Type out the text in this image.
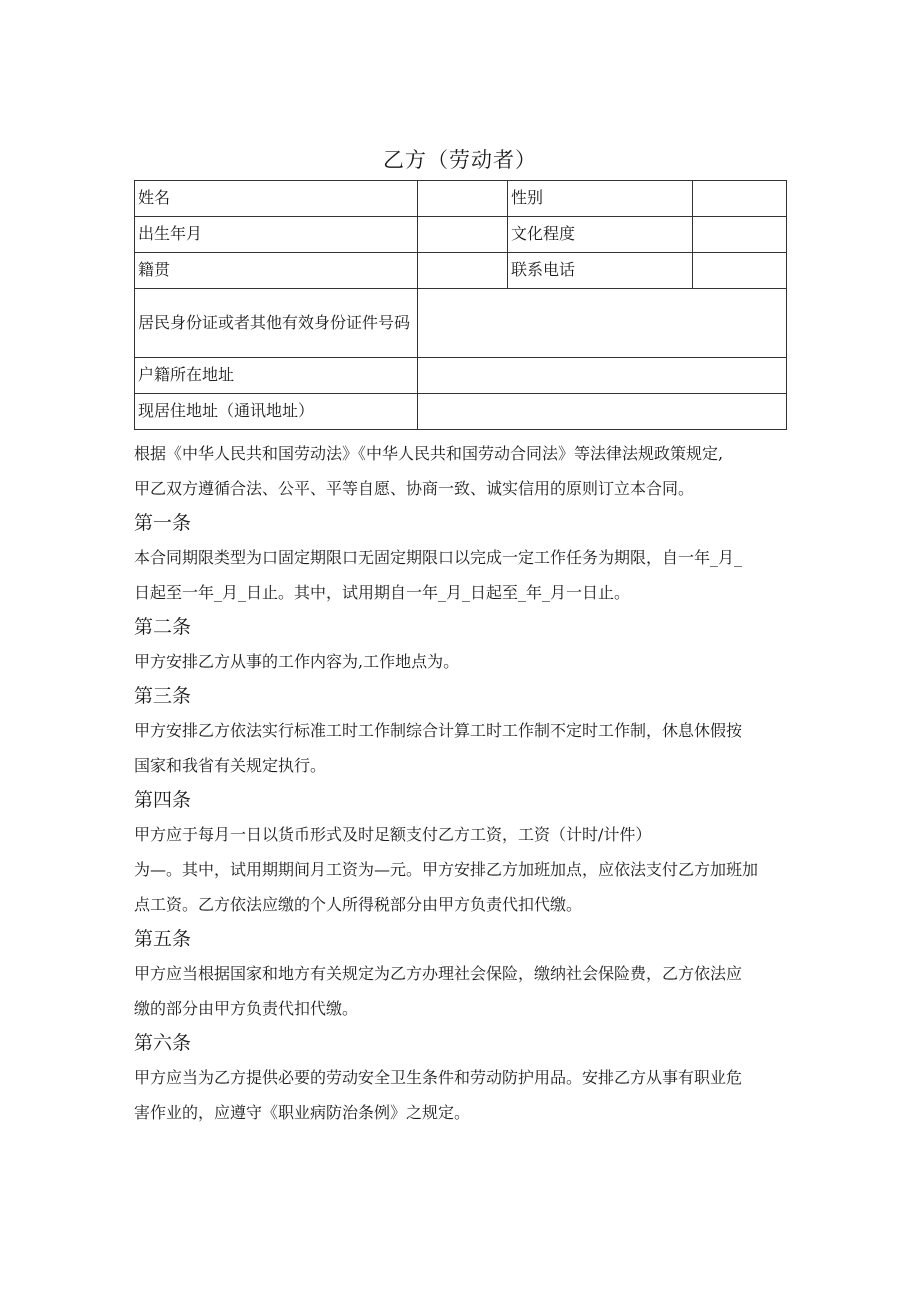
乙方（劳动者）
姓名		性别	
出生年月		文化程度	
籍贯		联系电话	
居民身份证或者其他有效身份证件号码			
户籍所在地址			
现居住地址（通讯地址）			

根据《中华人民共和国劳动法》《中华人民共和国劳动合同法》等法律法规政策规定,

甲乙双方遵循合法、公平、平等自愿、协商一致、诚实信用的原则订立本合同。

第一条

本合同期限类型为口固定期限口无固定期限口以完成一定工作任务为期限，自一年_月_

日起至一年_月_日止。其中，试用期自一年_月_日起至_年_月一日止。

第二条

甲方安排乙方从事的工作内容为,工作地点为。

第三条

甲方安排乙方依法实行标准工时工作制综合计算工时工作制不定时工作制，休息休假按

国家和我省有关规定执行。

第四条

甲方应于每月一日以货币形式及时足额支付乙方工资，工资（计时/计件）

为—。其中，试用期期间月工资为—元。甲方安排乙方加班加点，应依法支付乙方加班加

点工资。乙方依法应缴的个人所得税部分由甲方负责代扣代缴。

第五条

甲方应当根据国家和地方有关规定为乙方办理社会保险，缴纳社会保险费，乙方依法应

缴的部分由甲方负责代扣代缴。

第六条

甲方应当为乙方提供必要的劳动安全卫生条件和劳动防护用品。安排乙方从事有职业危

害作业的，应遵守《职业病防治条例》之规定。
